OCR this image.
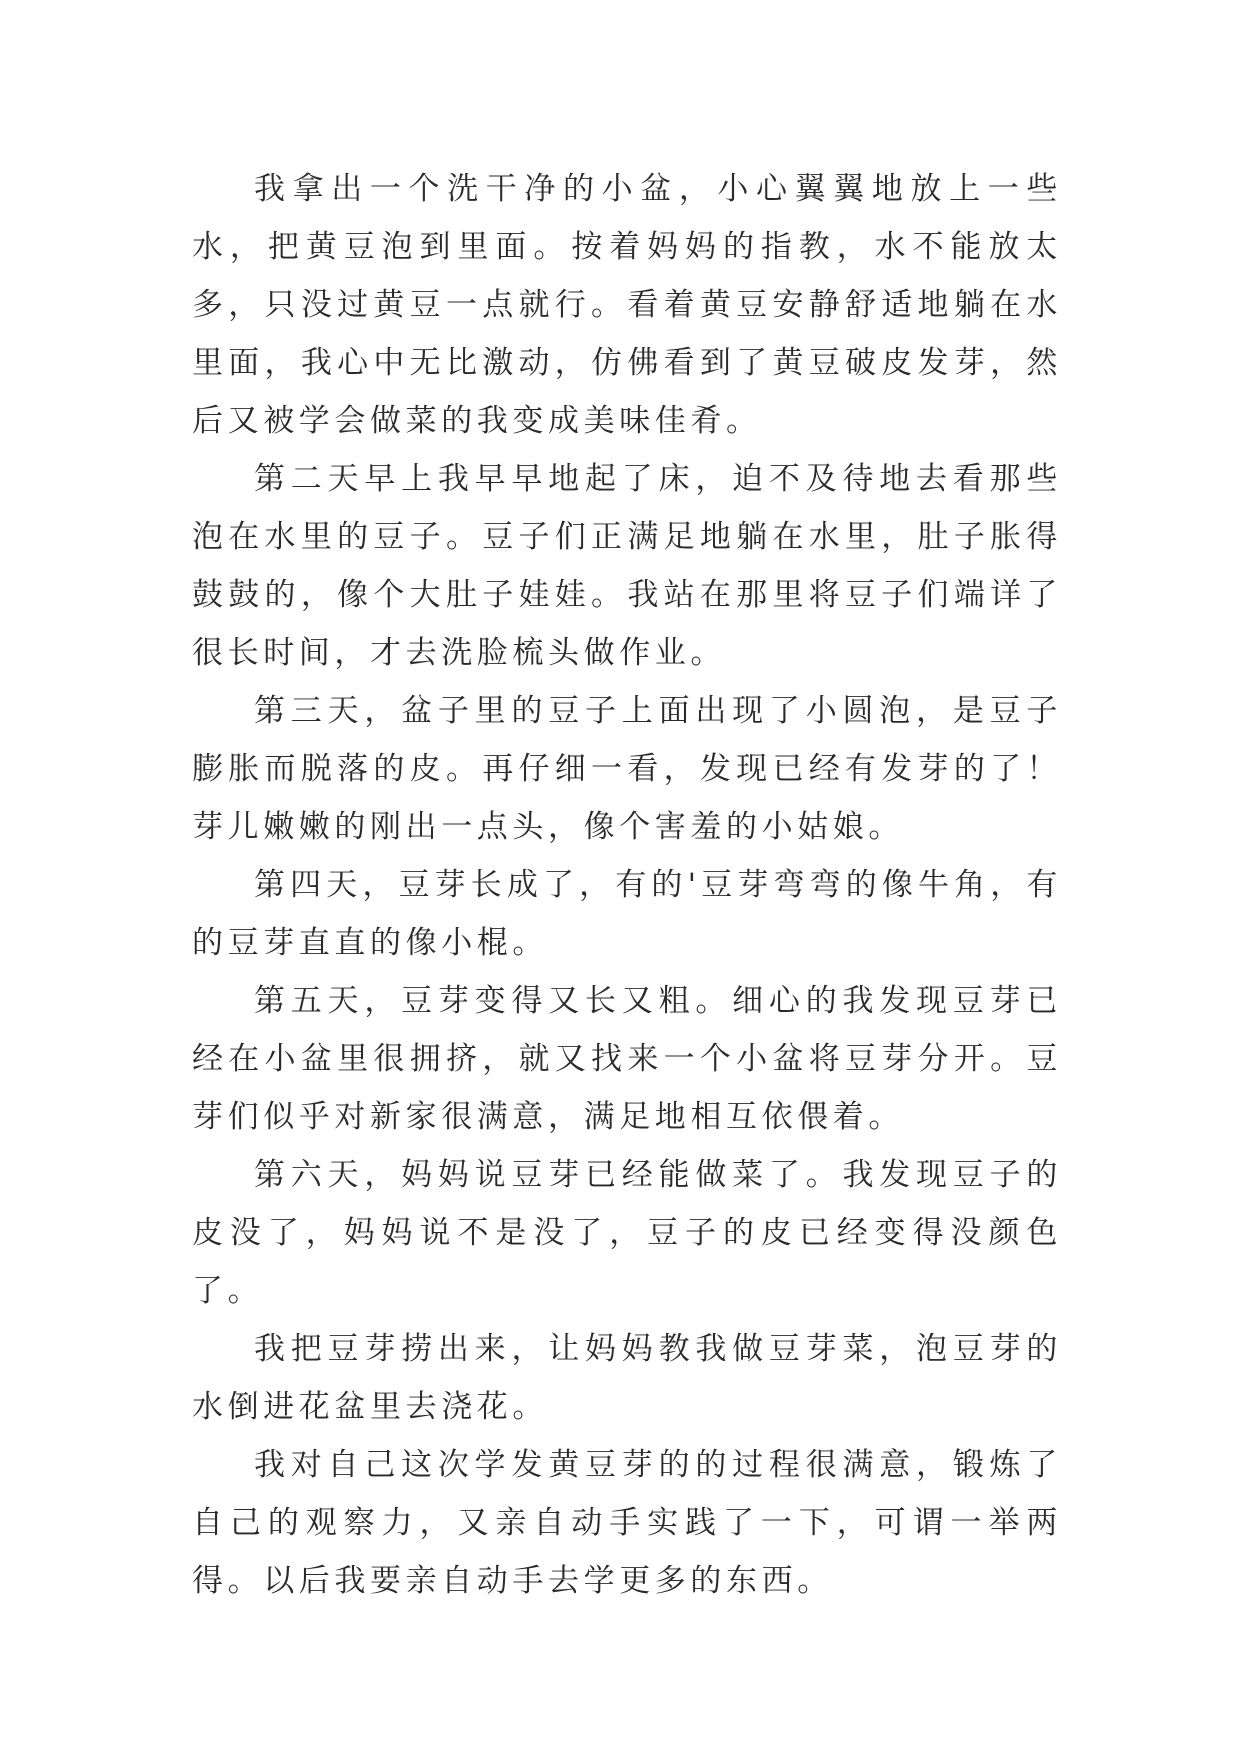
我拿出一个洗干净的小盆，小心翼翼地放上一些水，把黄豆泡到里面。按着妈妈的指教，水不能放太多，只没过黄豆一点就行。看着黄豆安静舒适地躺在水里面，我心中无比激动，仿佛看到了黄豆破皮发芽，然后又被学会做菜的我变成美味佳肴。

第二天早上我早早地起了床，迫不及待地去看那些泡在水里的豆子。豆子们正满足地躺在水里，肚子胀得鼓鼓的，像个大肚子娃娃。我站在那里将豆子们端详了很长时间，才去洗脸梳头做作业。

第三天，盆子里的豆子上面出现了小圆泡，是豆子膨胀而脱落的皮。再仔细一看，发现已经有发芽的了！芽儿嫩嫩的刚出一点头，像个害羞的小姑娘。

第四天，豆芽长成了，有的'豆芽弯弯的像牛角，有的豆芽直直的像小棍。

第五天，豆芽变得又长又粗。细心的我发现豆芽已经在小盆里很拥挤，就又找来一个小盆将豆芽分开。豆芽们似乎对新家很满意，满足地相互依偎着。

第六天，妈妈说豆芽已经能做菜了。我发现豆子的皮没了，妈妈说不是没了，豆子的皮已经变得没颜色了。

我把豆芽捞出来，让妈妈教我做豆芽菜，泡豆芽的水倒进花盆里去浇花。

我对自己这次学发黄豆芽的的过程很满意，锻炼了自己的观察力，又亲自动手实践了一下，可谓一举两得。以后我要亲自动手去学更多的东西。
